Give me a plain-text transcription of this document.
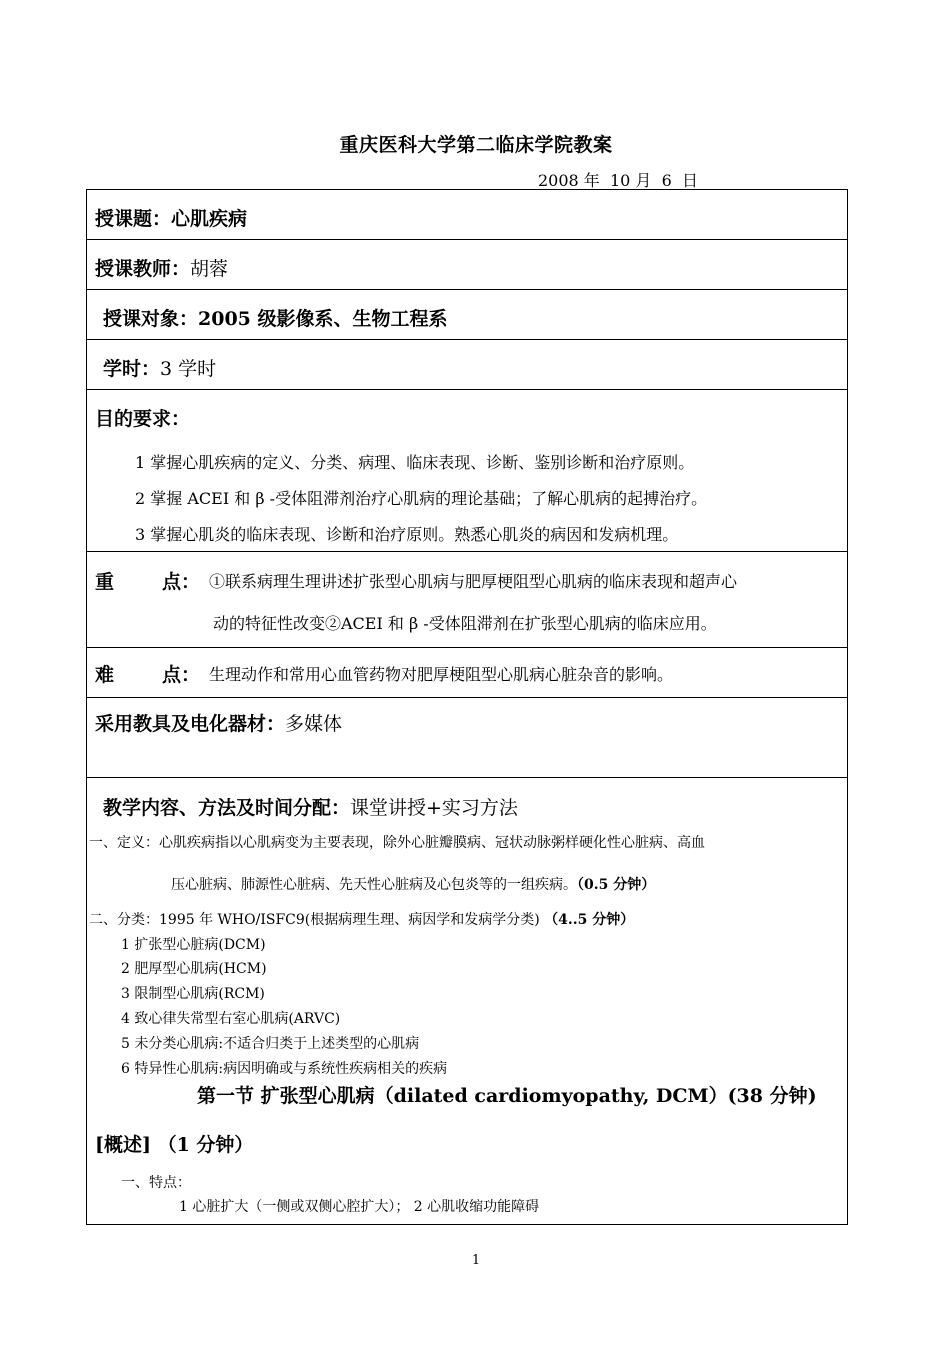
重庆医科大学第二临床学院教案
2008 年  10 月  6  日
授课题：心肌疾病
授课教师：胡蓉
授课对象：2005 级影像系、生物工程系
学时：3 学时
目的要求：
1 掌握心肌疾病的定义、分类、病理、临床表现、诊断、鉴别诊断和治疗原则。
2 掌握 ACEI 和 β -受体阻滞剂治疗心肌病的理论基础；了解心肌病的起搏治疗。
3 掌握心肌炎的临床表现、诊断和治疗原则。熟悉心肌炎的病因和发病机理。
重	点： ①联系病理生理讲述扩张型心肌病与肥厚梗阻型心肌病的临床表现和超声心
动的特征性改变②ACEI 和 β -受体阻滞剂在扩张型心肌病的临床应用。
难	点： 生理动作和常用心血管药物对肥厚梗阻型心肌病心脏杂音的影响。
采用教具及电化器材：多媒体
教学内容、方法及时间分配：课堂讲授+实习方法
一、定义：心肌疾病指以心肌病变为主要表现，除外心脏瓣膜病、冠状动脉粥样硬化性心脏病、高血
压心脏病、肺源性心脏病、先天性心脏病及心包炎等的一组疾病。（0.5 分钟）
二、分类：1995 年 WHO/ISFC9(根据病理生理、病因学和发病学分类) （4..5 分钟）
1 扩张型心脏病(DCM)
2 肥厚型心肌病(HCM)
3 限制型心肌病(RCM)
4 致心律失常型右室心肌病(ARVC)
5 未分类心肌病:不适合归类于上述类型的心肌病
6 特异性心肌病:病因明确或与系统性疾病相关的疾病
第一节 扩张型心肌病（dilated cardiomyopathy, DCM）(38 分钟)
[概述] （1 分钟）
一、特点：
1 心脏扩大（一侧或双侧心腔扩大）； 2 心肌收缩功能障碍
1
